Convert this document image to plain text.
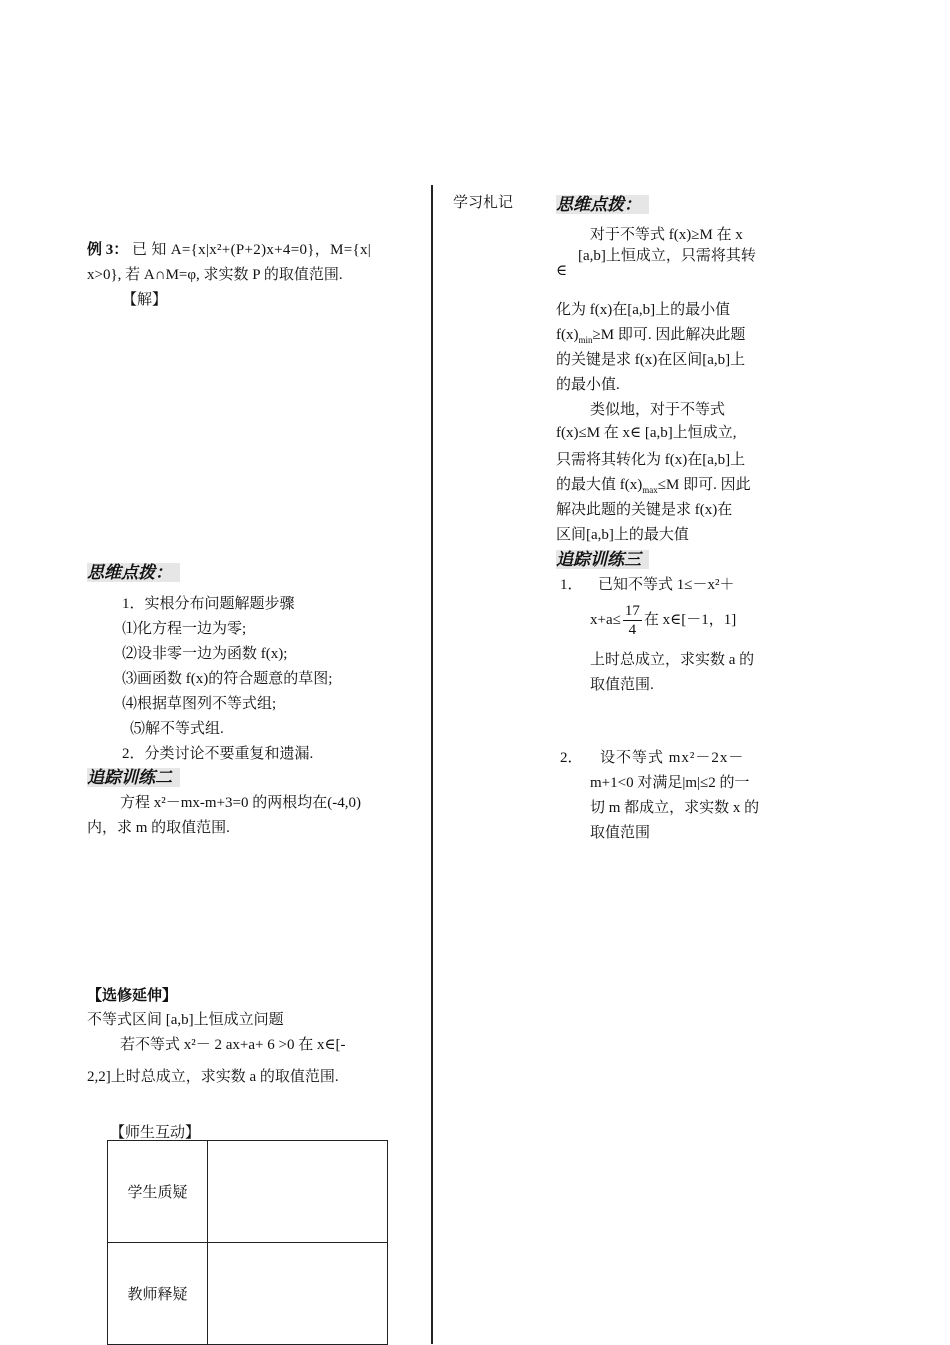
例 3： 已 知 A={x|x²+(P+2)x+4=0}，M={x|
x>0}, 若 A∩M=φ, 求实数 P 的取值范围.
【解】
思维点拨：
1．实根分布问题解题步骤
⑴化方程一边为零;
⑵设非零一边为函数 f(x);
⑶画函数 f(x)的符合题意的草图;
⑷根据草图列不等式组;
⑸解不等式组.
2．分类讨论不要重复和遗漏.
追踪训练二
方程 x²－mx-m+3=0 的两根均在(-4,0)
内，求 m 的取值范围.
【选修延伸】
不等式区间 [a,b]上恒成立问题
若不等式 x²－ 2 ax+a+ 6 >0 在 x∈[-
2,2]上时总成立，求实数 a 的取值范围.
【师生互动】
学生质疑	
教师释疑	
学习札记	思维点拨：
对于不等式 f(x)≥M 在 x
[a,b]上恒成立，只需将其转
∈
化为 f(x)在[a,b]上的最小值
$f(x)_{min}\ge M$ 即可. 因此解决此题
的关键是求 f(x)在区间[a,b]上
的最小值.
类似地，对于不等式
f(x)≤M 在 x∈ [a,b]上恒成立,
只需将其转化为 f(x)在[a,b]上
的最大值 $f(x)_{max}\le M$ 即可. 因此
解决此题的关键是求 f(x)在
区间[a,b]上的最大值
追踪训练三
1． 已知不等式 1≤－x²＋
$x+a\le \frac{17}{4}$ 在 x∈[－1，1]
上时总成立，求实数 a 的
取值范围.
2． 设不等式 mx²－2x－
m+1<0 对满足|m|≤2 的一
切 m 都成立，求实数 x 的
取值范围
